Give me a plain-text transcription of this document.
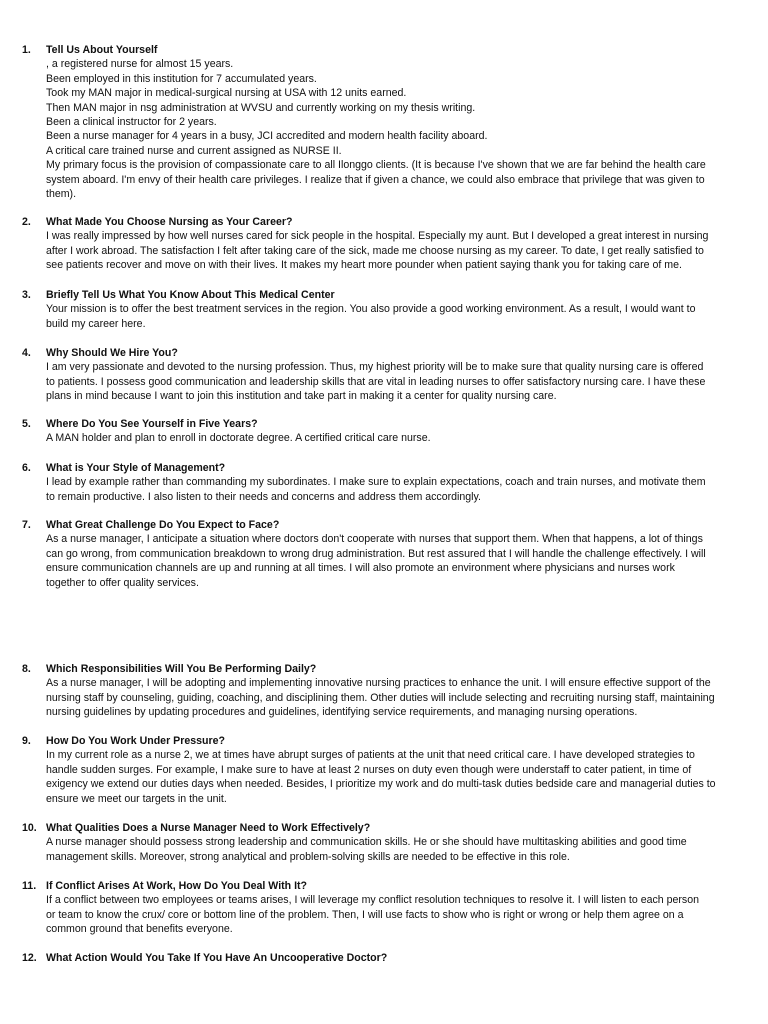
1.	Tell Us About Yourself
, a registered nurse for almost 15 years.
Been employed in this institution for 7 accumulated years.
Took my MAN major in medical-surgical nursing at USA with 12 units earned.
Then MAN major in nsg administration at WVSU and currently working on my thesis writing.
Been a clinical instructor for 2 years.
Been a nurse manager for 4 years in a busy, JCI accredited and modern health facility aboard.
A critical care trained nurse and current assigned as NURSE II.
My primary focus is the provision of compassionate care to all Ilonggo clients. (It is because I've shown that we are far behind the health care
system aboard. I'm envy of their health care privileges. I realize that if given a chance, we could also embrace that privilege that was given to
them).
2.	What Made You Choose Nursing as Your Career?
I was really impressed by how well nurses cared for sick people in the hospital. Especially my aunt. But I developed a great interest in nursing
after I work abroad. The satisfaction I felt after taking care of the sick, made me choose nursing as my career. To date, I get really satisfied to
see patients recover and move on with their lives. It makes my heart more pounder when patient saying thank you for taking care of me.
3.	Briefly Tell Us What You Know About This Medical Center
Your mission is to offer the best treatment services in the region. You also provide a good working environment. As a result, I would want to
build my career here.
4.	Why Should We Hire You?
I am very passionate and devoted to the nursing profession. Thus, my highest priority will be to make sure that quality nursing care is offered
to patients. I possess good communication and leadership skills that are vital in leading nurses to offer satisfactory nursing care. I have these
plans in mind because I want to join this institution and take part in making it a center for quality nursing care.
5.	Where Do You See Yourself in Five Years?
A MAN holder and plan to enroll in doctorate degree. A certified critical care nurse.
6.	What is Your Style of Management?
I lead by example rather than commanding my subordinates. I make sure to explain expectations, coach and train nurses, and motivate them
to remain productive. I also listen to their needs and concerns and address them accordingly.
7.	What Great Challenge Do You Expect to Face?
As a nurse manager, I anticipate a situation where doctors don't cooperate with nurses that support them. When that happens, a lot of things
can go wrong, from communication breakdown to wrong drug administration. But rest assured that I will handle the challenge effectively. I will
ensure communication channels are up and running at all times. I will also promote an environment where physicians and nurses work
together to offer quality services.
8.	Which Responsibilities Will You Be Performing Daily?
As a nurse manager, I will be adopting and implementing innovative nursing practices to enhance the unit. I will ensure effective support of the
nursing staff by counseling, guiding, coaching, and disciplining them. Other duties will include selecting and recruiting nursing staff, maintaining
nursing guidelines by updating procedures and guidelines, identifying service requirements, and managing nursing operations.
9.	How Do You Work Under Pressure?
In my current role as a nurse 2, we at times have abrupt surges of patients at the unit that need critical care. I have developed strategies to
handle sudden surges. For example, I make sure to have at least 2 nurses on duty even though were understaff to cater patient, in time of
exigency we extend our duties days when needed. Besides, I prioritize my work and do multi-task duties bedside care and managerial duties to
ensure we meet our targets in the unit.
10. What Qualities Does a Nurse Manager Need to Work Effectively?
A nurse manager should possess strong leadership and communication skills. He or she should have multitasking abilities and good time
management skills. Moreover, strong analytical and problem-solving skills are needed to be effective in this role.
11. If Conflict Arises At Work, How Do You Deal With It?
If a conflict between two employees or teams arises, I will leverage my conflict resolution techniques to resolve it. I will listen to each person
or team to know the crux/ core or bottom line of the problem. Then, I will use facts to show who is right or wrong or help them agree on a
common ground that benefits everyone.
12. What Action Would You Take If You Have An Uncooperative Doctor?
